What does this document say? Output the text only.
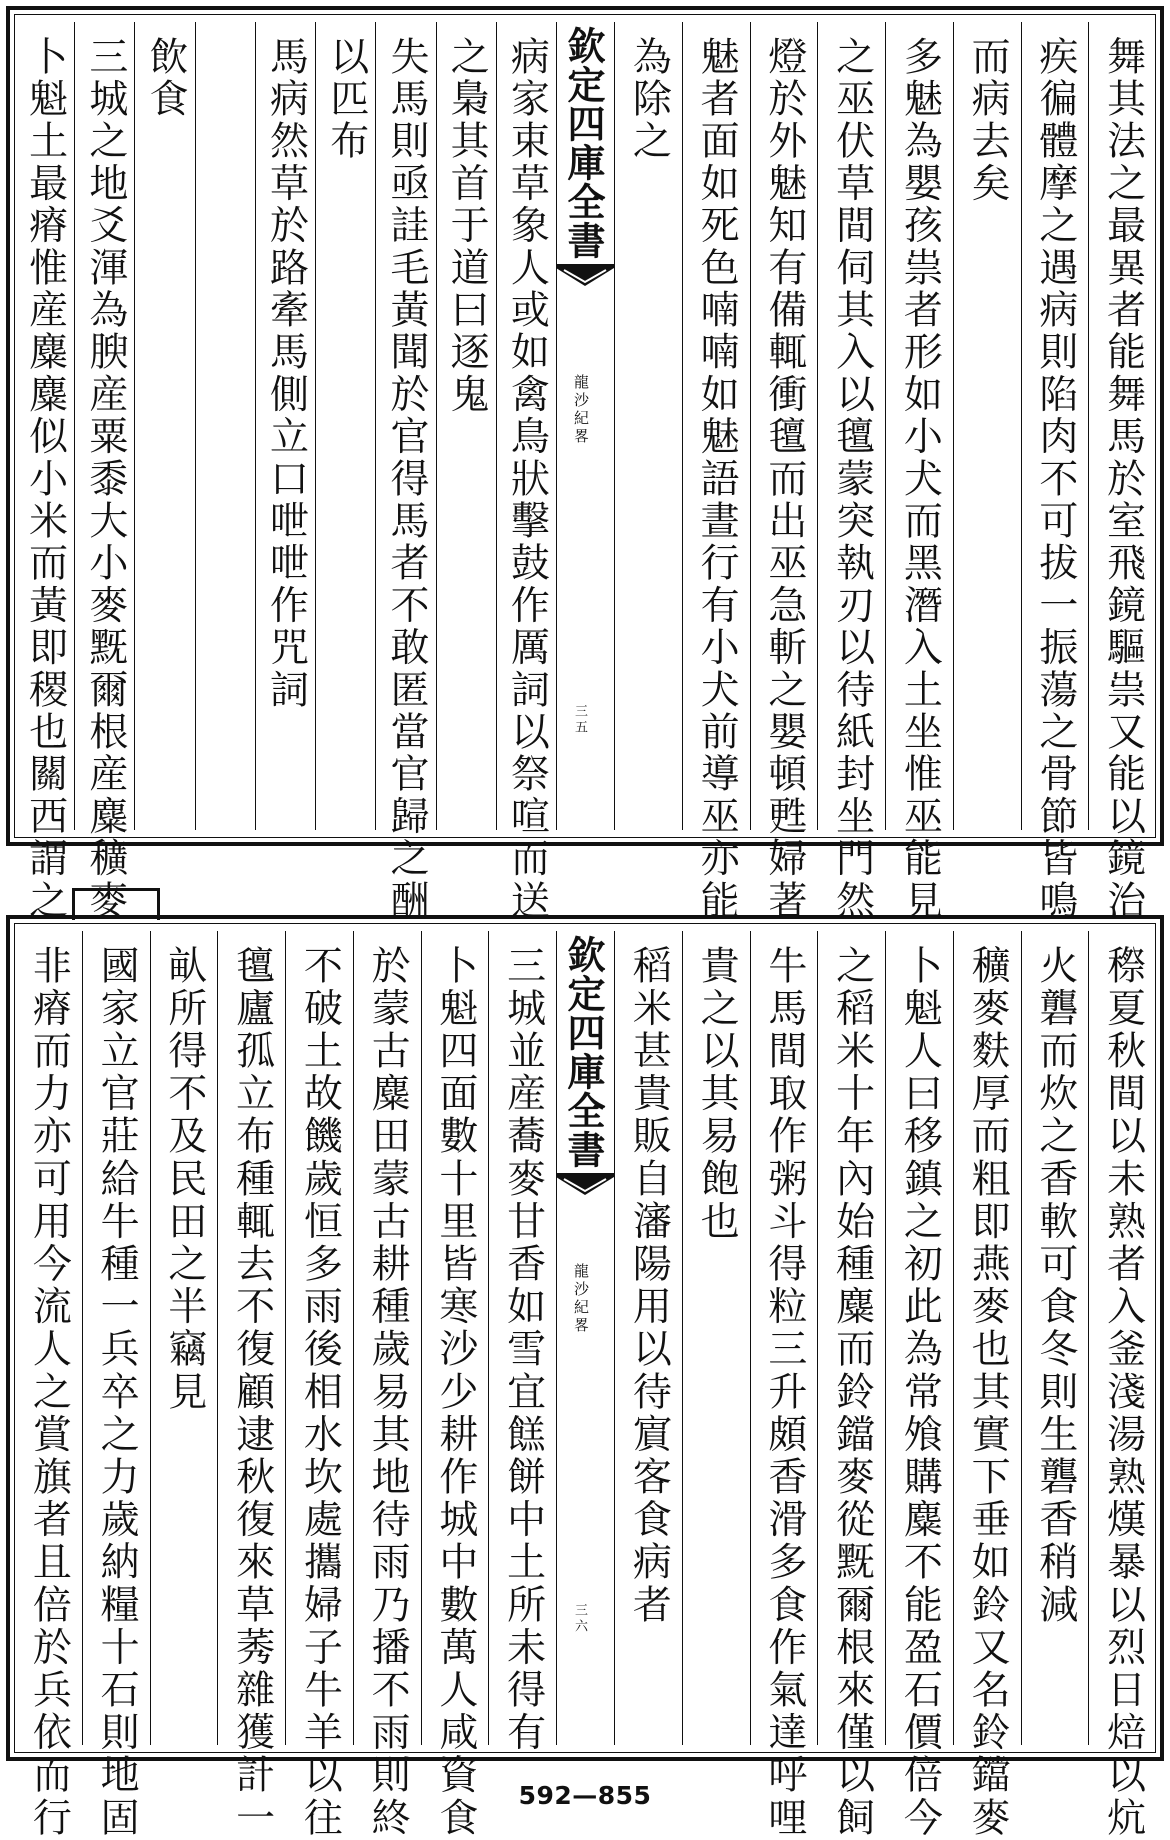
欽定四庫全書
龍沙紀畧
三五
欽定四庫全書
龍沙紀畧
三六
592—855
舞其法之最異者能舞馬於室飛鏡驅祟又能以鏡治
疾徧體摩之遇病則陷肉不可拔一振蕩之骨節皆鳴
而病去矣
多魅為嬰孩祟者形如小犬而黑潛入土坐惟巫能見
之巫伏草間伺其入以氊蒙突執刃以待紙封坐門然
燈於外魅知有備輒衝氊而出巫急斬之嬰頓甦婦著
魅者面如死色喃喃如魅語晝行有小犬前導巫亦能
為除之
病家束草象人或如禽鳥狀擊鼓作厲詞以祭喧而送
之梟其首于道曰逐鬼
失馬則亟詿毛黃聞於官得馬者不敢匿當官歸之酬
以匹布
馬病然草於路牽馬側立口呭呭作咒詞
飲食
三城之地爻渾為腴産粟黍大小麥黖爾根産麋穬麥
卜魁土最瘠惟産麋麋似小米而黃即稷也關西謂之
穄夏秋間以未熟者入釜淺湯熟熯暴以烈日焙以炕
火礱而炊之香軟可食冬則生礱香稍減
穬麥麩厚而粗即燕麥也其實下垂如鈴又名鈴鐺麥
卜魁人曰移鎮之初此為常飧購麋不能盈石價倍今
之稻米十年內始種麋而鈴鐺麥從黖爾根來僅以飼
牛馬間取作粥斗得粒三升頗香滑多食作氣達呼哩
貴之以其易飽也
稻米甚貴販自瀋陽用以待賔客食病者
三城並産蕎麥甘香如雪宜餻餅中土所未得有
卜魁四面數十里皆寒沙少耕作城中數萬人咸資食
於蒙古麋田蒙古耕種歲易其地待雨乃播不雨則終
不破土故饑歲恒多雨後相水坎處攜婦子牛羊以往
氊廬孤立布種輒去不復顧逮秋復來草莠雜獲計一
畒所得不及民田之半竊見
國家立官莊給牛種一兵卒之力歲納糧十石則地固
非瘠而力亦可用今流人之賞旗者且倍於兵依而行
